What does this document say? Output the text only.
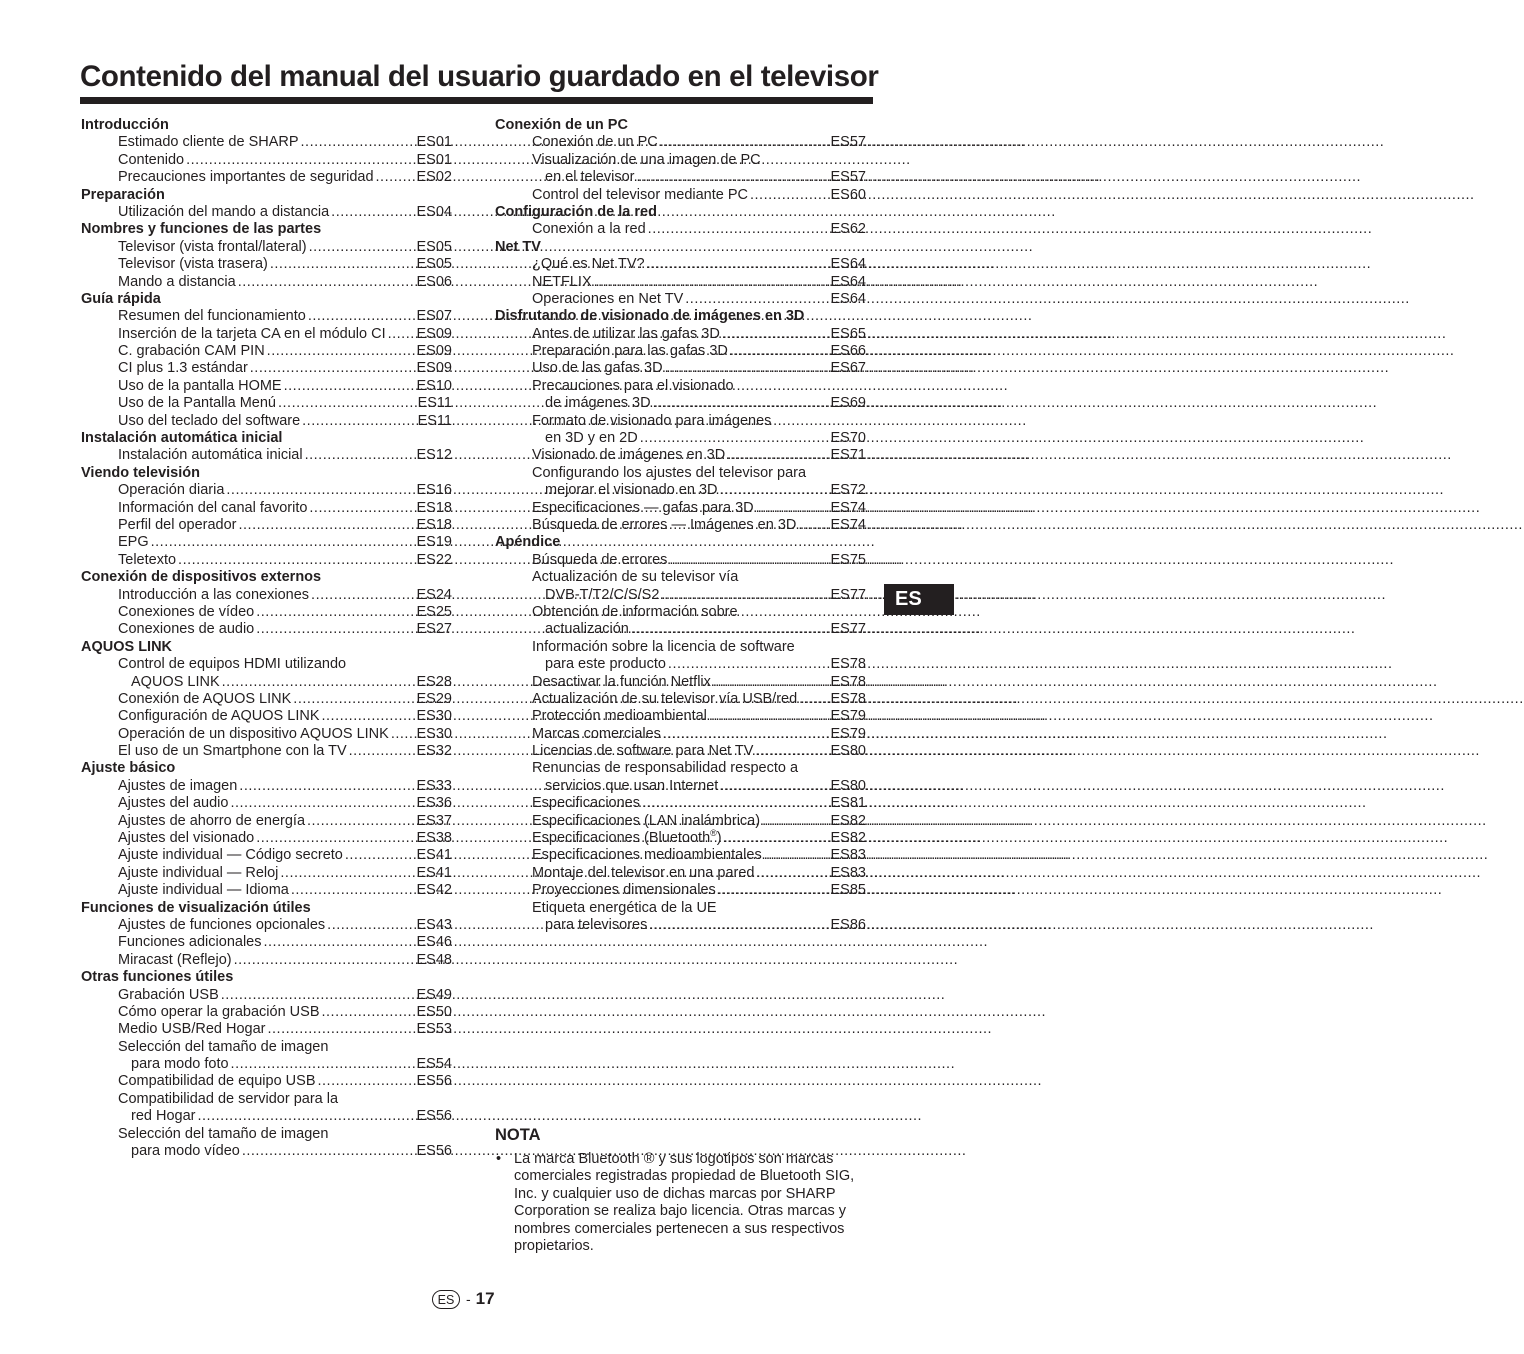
Contenido del manual del usuario guardado en el televisor
Introducción
Estimado cliente de SHARP .....	ES01
Contenido .....	ES01
Precauciones importantes de seguridad .....	ES02
Preparación
Utilización del mando a distancia .....	ES04
Nombres y funciones de las partes
Televisor (vista frontal/lateral) .....	ES05
Televisor (vista trasera) .....	ES05
Mando a distancia .....	ES06
Guía rápida
Resumen del funcionamiento .....	ES07
Inserción de la tarjeta CA en el módulo CI ..... ES09
C. grabación CAM PIN .....	ES09
CI plus 1.3 estándar .....	ES09
Uso de la pantalla HOME .....	ES10
Uso de la Pantalla Menú .....	ES11
Uso del teclado del software .....	ES11
Instalación automática inicial
Instalación automática inicial .....	ES12
Viendo televisión
Operación diaria .....	ES16
Información del canal favorito .....	ES18
Perfil del operador .....	ES18
EPG .....	ES19
Teletexto .....	ES22
Conexión de dispositivos externos
Introducción a las conexiones .....	ES24
Conexiones de vídeo .....	ES25
Conexiones de audio .....	ES27
AQUOS LINK
Control de equipos HDMI utilizando
AQUOS LINK .....	ES28
Conexión de AQUOS LINK .....	ES29
Configuración de AQUOS LINK .....	ES30
Operación de un dispositivo AQUOS LINK ..... ES30
El uso de un Smartphone con la TV .....	ES32
Ajuste básico
Ajustes de imagen .....	ES33
Ajustes del audio .....	ES36
Ajustes de ahorro de energía .....	ES37
Ajustes del visionado .....	ES38
Ajuste individual — Código secreto .....	ES41
Ajuste individual — Reloj .....	ES41
Ajuste individual — Idioma .....	ES42
Funciones de visualización útiles
Ajustes de funciones opcionales .....	ES43
Funciones adicionales .....	ES46
Miracast (Reflejo) .....	ES48
Otras funciones útiles
Grabación USB .....	ES49
Cómo operar la grabación USB .....	ES50
Medio USB/Red Hogar .....	ES53
Selección del tamaño de imagen
para modo foto .....	ES54
Compatibilidad de equipo USB .....	ES56
Compatibilidad de servidor para la
red Hogar .....	ES56
Selección del tamaño de imagen
para modo vídeo .....	ES56
Conexión de un PC
Conexión de un PC .....	ES57
Visualización de una imagen de PC
en el televisor .....	ES57
Control del televisor mediante PC .....	ES60
Configuración de la red
Conexión a la red .....	ES62
Net TV
¿Qué es Net TV? .....	ES64
NETFLIX .....	ES64
Operaciones en Net TV .....	ES64
Disfrutando de visionado de imágenes en 3D
Antes de utilizar las gafas 3D .....	ES65
Preparación para las gafas 3D .....	ES66
Uso de las gafas 3D .....	ES67
Precauciones para el visionado
de imágenes 3D .....	ES69
Formato de visionado para imágenes
en 3D y en 2D .....	ES70
Visionado de imágenes en 3D .....	ES71
Configurando los ajustes del televisor para
mejorar el visionado en 3D .....	ES72
Especificaciones — gafas para 3D .....	ES74
Búsqueda de errores — Imágenes en 3D ..... ES74
Apéndice
Búsqueda de errores .....	ES75
Actualización de su televisor vía
DVB-T/T2/C/S/S2 .....	ES77
Obtención de información sobre
actualización .....	ES77
Información sobre la licencia de software
para este producto .....	ES78
Desactivar la función Netflix .....	ES78
Actualización de su televisor vía USB/red ..... ES78
Protección medioambiental .....	ES79
Marcas comerciales .....	ES79
Licencias de software para Net TV .....	ES80
Renuncias de responsabilidad respecto a
servicios que usan Internet .....	ES80
Especificaciones .....	ES81
Especificaciones (LAN inalámbrica) .....	ES82
Especificaciones (Bluetooth®) .....	ES82
Especificaciones medioambientales .....	ES83
Montaje del televisor en una pared .....	ES83
Proyecciones dimensionales .....	ES85
Etiqueta energética de la UE
para televisores .....	ES86
ES
NOTA
• La marca Bluetooth ® y sus logotipos son marcas comerciales registradas propiedad de Bluetooth SIG, Inc. y cualquier uso de dichas marcas por SHARP Corporation se realiza bajo licencia. Otras marcas y nombres comerciales pertenecen a sus respectivos propietarios.
ES - 17
